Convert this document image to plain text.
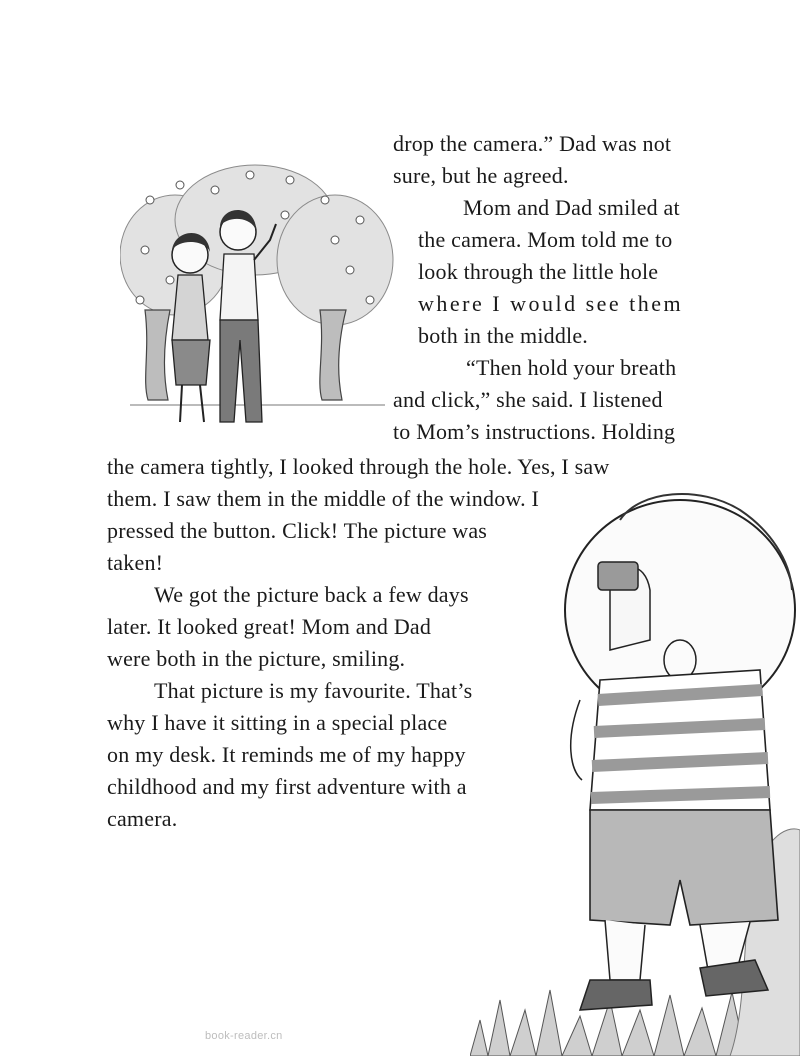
drop the camera.” Dad was not
sure, but he agreed.
Mom and Dad smiled at
the camera. Mom told me to
look through the little hole
where I would see them
both in the middle.
“Then hold your breath
and click,” she said. I listened
to Mom’s instructions. Holding
the camera tightly, I looked through the hole. Yes, I saw
them. I saw them in the middle of the window. I
pressed the button. Click! The picture was
taken!
We got the picture back a few days
later. It looked great! Mom and Dad
were both in the picture, smiling.
That picture is my favourite. That’s
why I have it sitting in a special place
on my desk. It reminds me of my happy
childhood and my first adventure with a
camera.
book-reader.cn
